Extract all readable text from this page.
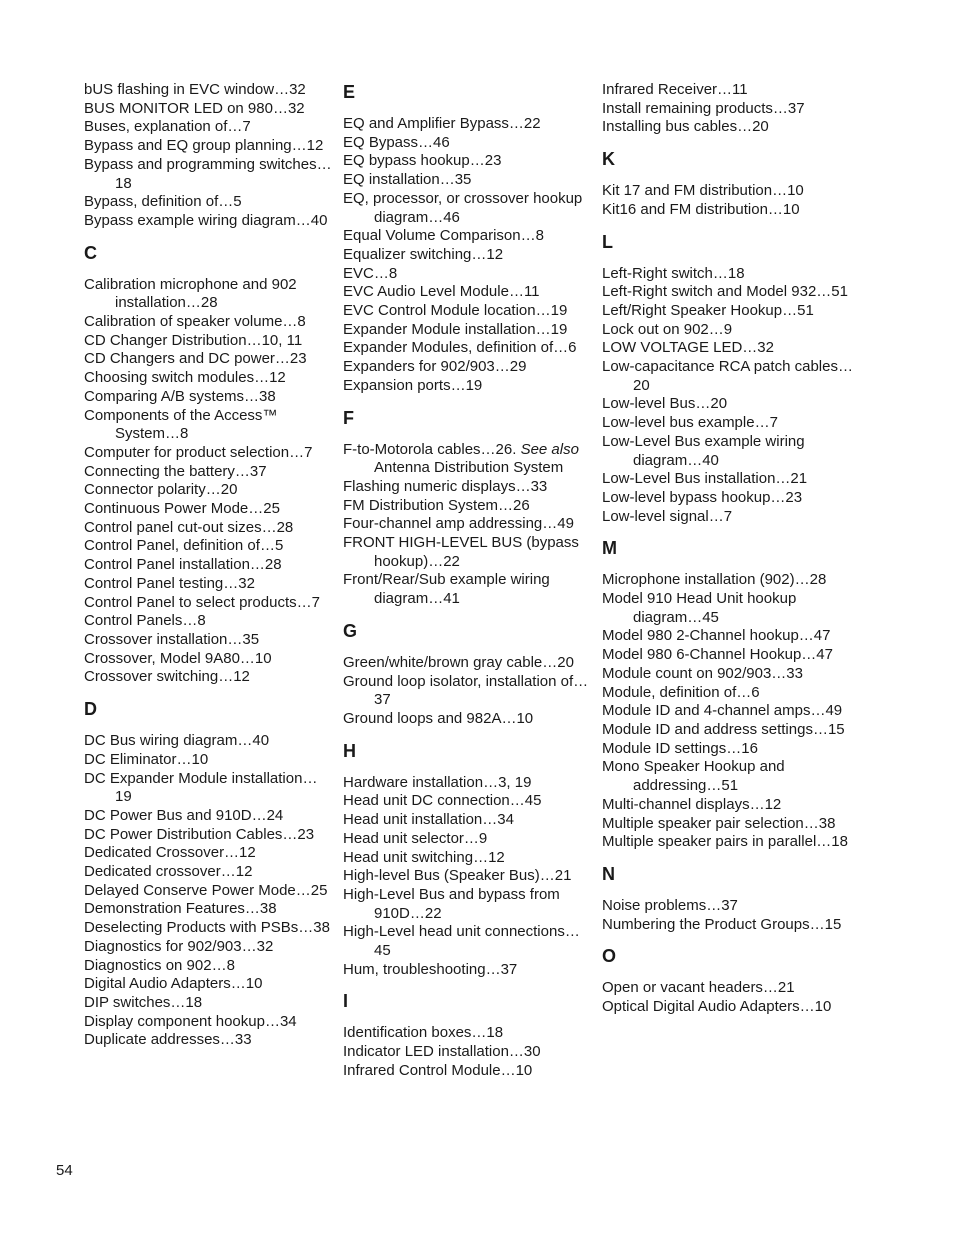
bUS flashing in EVC window…32
BUS MONITOR LED on 980…32
Buses, explanation of…7
Bypass and EQ group planning…12
Bypass and programming switches…18
Bypass, definition of…5
Bypass example wiring diagram…40
C
Calibration microphone and 902 installation…28
Calibration of speaker volume…8
CD Changer Distribution…10, 11
CD Changers and DC power…23
Choosing switch modules…12
Comparing A/B systems…38
Components of the Access™ System…8
Computer for product selection…7
Connecting the battery…37
Connector polarity…20
Continuous Power Mode…25
Control panel cut-out sizes…28
Control Panel, definition of…5
Control Panel installation…28
Control Panel testing…32
Control Panel to select products…7
Control Panels…8
Crossover installation…35
Crossover, Model 9A80…10
Crossover switching…12
D
DC Bus wiring diagram…40
DC Eliminator…10
DC Expander Module installation…19
DC Power Bus and 910D…24
DC Power Distribution Cables…23
Dedicated Crossover…12
Dedicated crossover…12
Delayed Conserve Power Mode…25
Demonstration Features…38
Deselecting Products with PSBs…38
Diagnostics for 902/903…32
Diagnostics on 902…8
Digital Audio Adapters…10
DIP switches…18
Display component hookup…34
Duplicate addresses…33
E
EQ and Amplifier Bypass…22
EQ Bypass…46
EQ bypass hookup…23
EQ installation…35
EQ, processor, or crossover hookup diagram…46
Equal Volume Comparison…8
Equalizer switching…12
EVC…8
EVC Audio Level Module…11
EVC Control Module location…19
Expander Module installation…19
Expander Modules, definition of…6
Expanders for 902/903…29
Expansion ports…19
F
F-to-Motorola cables…26. See also Antenna Distribution System
Flashing numeric displays…33
FM Distribution System…26
Four-channel amp addressing…49
FRONT HIGH-LEVEL BUS (bypass hookup)…22
Front/Rear/Sub example wiring diagram…41
G
Green/white/brown gray cable…20
Ground loop isolator, installation of…37
Ground loops and 982A…10
H
Hardware installation…3, 19
Head unit DC connection…45
Head unit installation…34
Head unit selector…9
Head unit switching…12
High-level Bus (Speaker Bus)…21
High-Level Bus and bypass from 910D…22
High-Level head unit connections…45
Hum, troubleshooting…37
I
Identification boxes…18
Indicator LED installation…30
Infrared Control Module…10
Infrared Receiver…11
Install remaining products…37
Installing bus cables…20
K
Kit 17 and FM distribution…10
Kit16 and FM distribution…10
L
Left-Right switch…18
Left-Right switch and Model 932…51
Left/Right Speaker Hookup…51
Lock out on 902…9
LOW VOLTAGE LED…32
Low-capacitance RCA patch cables…20
Low-level Bus…20
Low-level bus example…7
Low-Level Bus example wiring diagram…40
Low-Level Bus installation…21
Low-level bypass hookup…23
Low-level signal…7
M
Microphone installation (902)…28
Model 910 Head Unit hookup diagram…45
Model 980 2-Channel hookup…47
Model 980 6-Channel Hookup…47
Module count on 902/903…33
Module, definition of…6
Module ID and 4-channel amps…49
Module ID and address settings…15
Module ID settings…16
Mono Speaker Hookup and addressing…51
Multi-channel displays…12
Multiple speaker pair selection…38
Multiple speaker pairs in parallel…18
N
Noise problems…37
Numbering the Product Groups…15
O
Open or vacant headers…21
Optical Digital Audio Adapters…10
54
